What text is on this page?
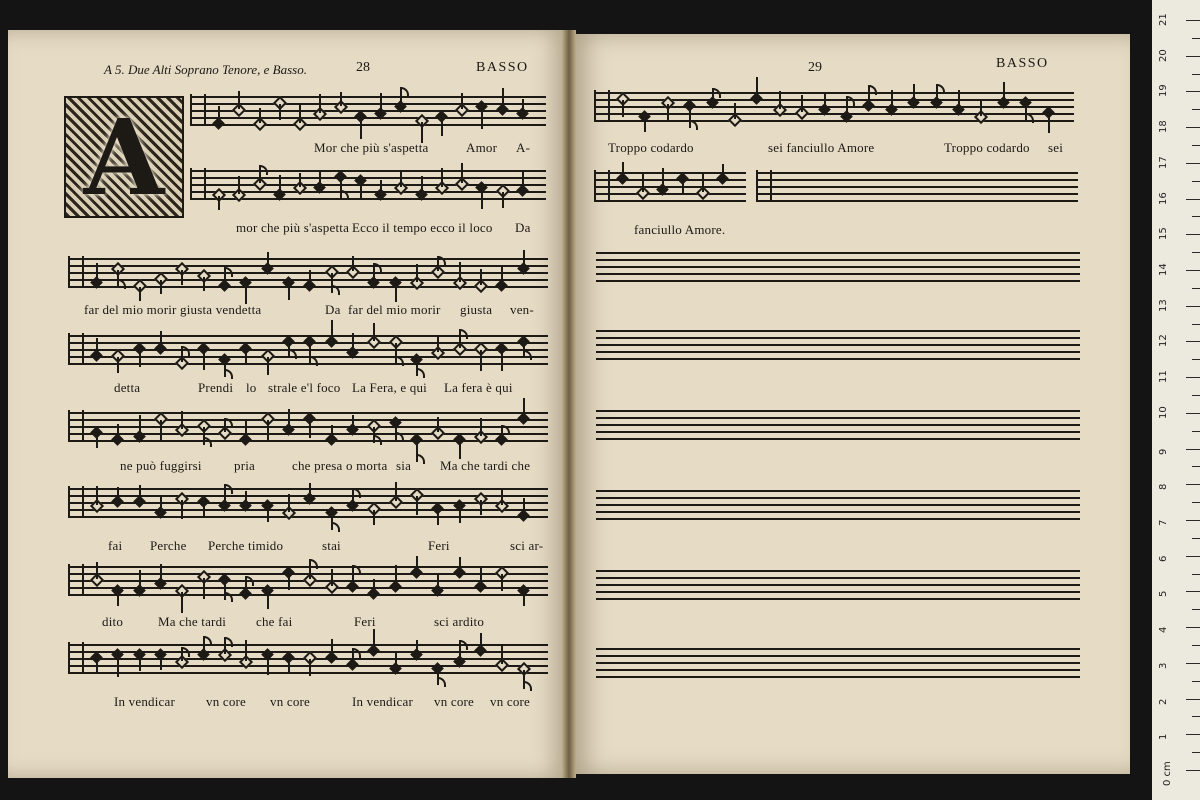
A 5. Due Alti Soprano Tenore, e Basso.	28	BASSO	29	BASSO
A	Mor che più s'aspetta	Amor A-
mor che più s'aspetta Ecco il tempo ecco il loco Da
far del mio morir giusta vendetta	Da far del mio morir giusta ven-
detta	Prendi lo strale e'l foco La Fera, e qui La fera è qui
ne può fuggirsi pria	che presa o morta sia Ma che tardi che
fai Perche Perche timido	stai	Feri	sci ar-
dito	Ma che tardi che fai	Feri	sci ardito
In vendicar vn core vn core	In vendicar vn core vn core
Troppo codardo	sei fanciullo Amore	Troppo codardo sei
fanciullo Amore.
0 cm
1
2
3
4
5
6
7
8
9
10
11
12
13
14
15
16
17
18
19
20
21
